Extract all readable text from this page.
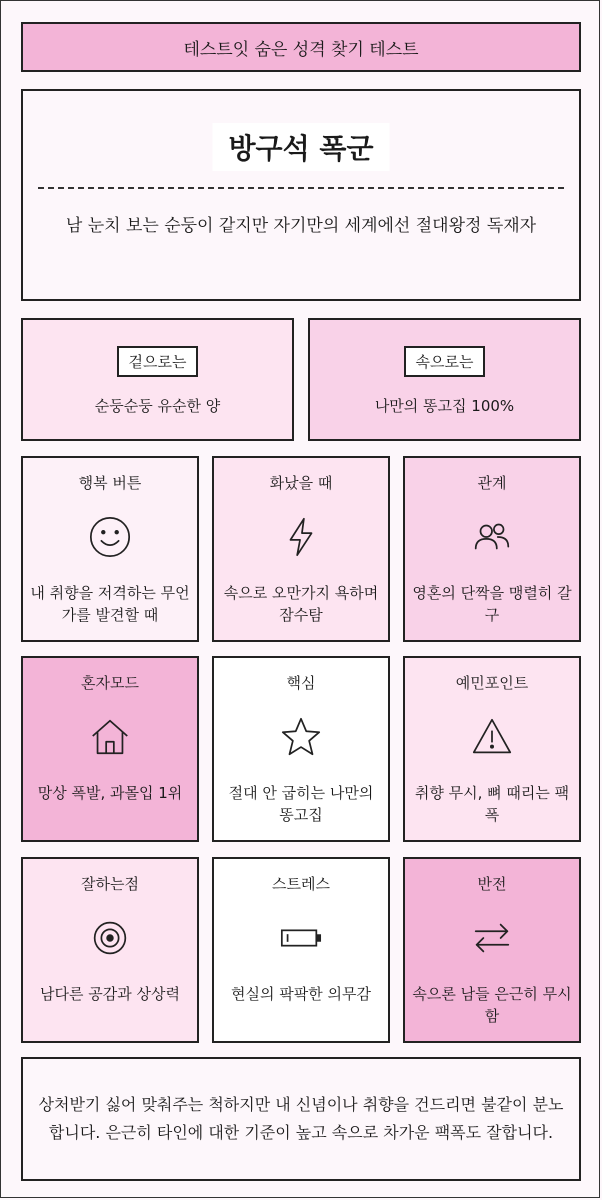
테스트잇 숨은 성격 찾기 테스트
방구석 폭군
남 눈치 보는 순둥이 같지만 자기만의 세계에선 절대왕정 독재자
겉으로는
순둥순둥 유순한 양
속으로는
나만의 똥고집 100%
행복 버튼
내 취향을 저격하는 무언가를 발견할 때
화났을 때
속으로 오만가지 욕하며 잠수탐
관계
영혼의 단짝을 맹렬히 갈구
혼자모드
망상 폭발, 과몰입 1위
핵심
절대 안 굽히는 나만의 똥고집
예민포인트
취향 무시, 뼈 때리는 팩폭
잘하는점
남다른 공감과 상상력
스트레스
현실의 팍팍한 의무감
반전
속으론 남들 은근히 무시함
상처받기 싫어 맞춰주는 척하지만 내 신념이나 취향을 건드리면 불같이 분노합니다. 은근히 타인에 대한 기준이 높고 속으로 차가운 팩폭도 잘합니다.
